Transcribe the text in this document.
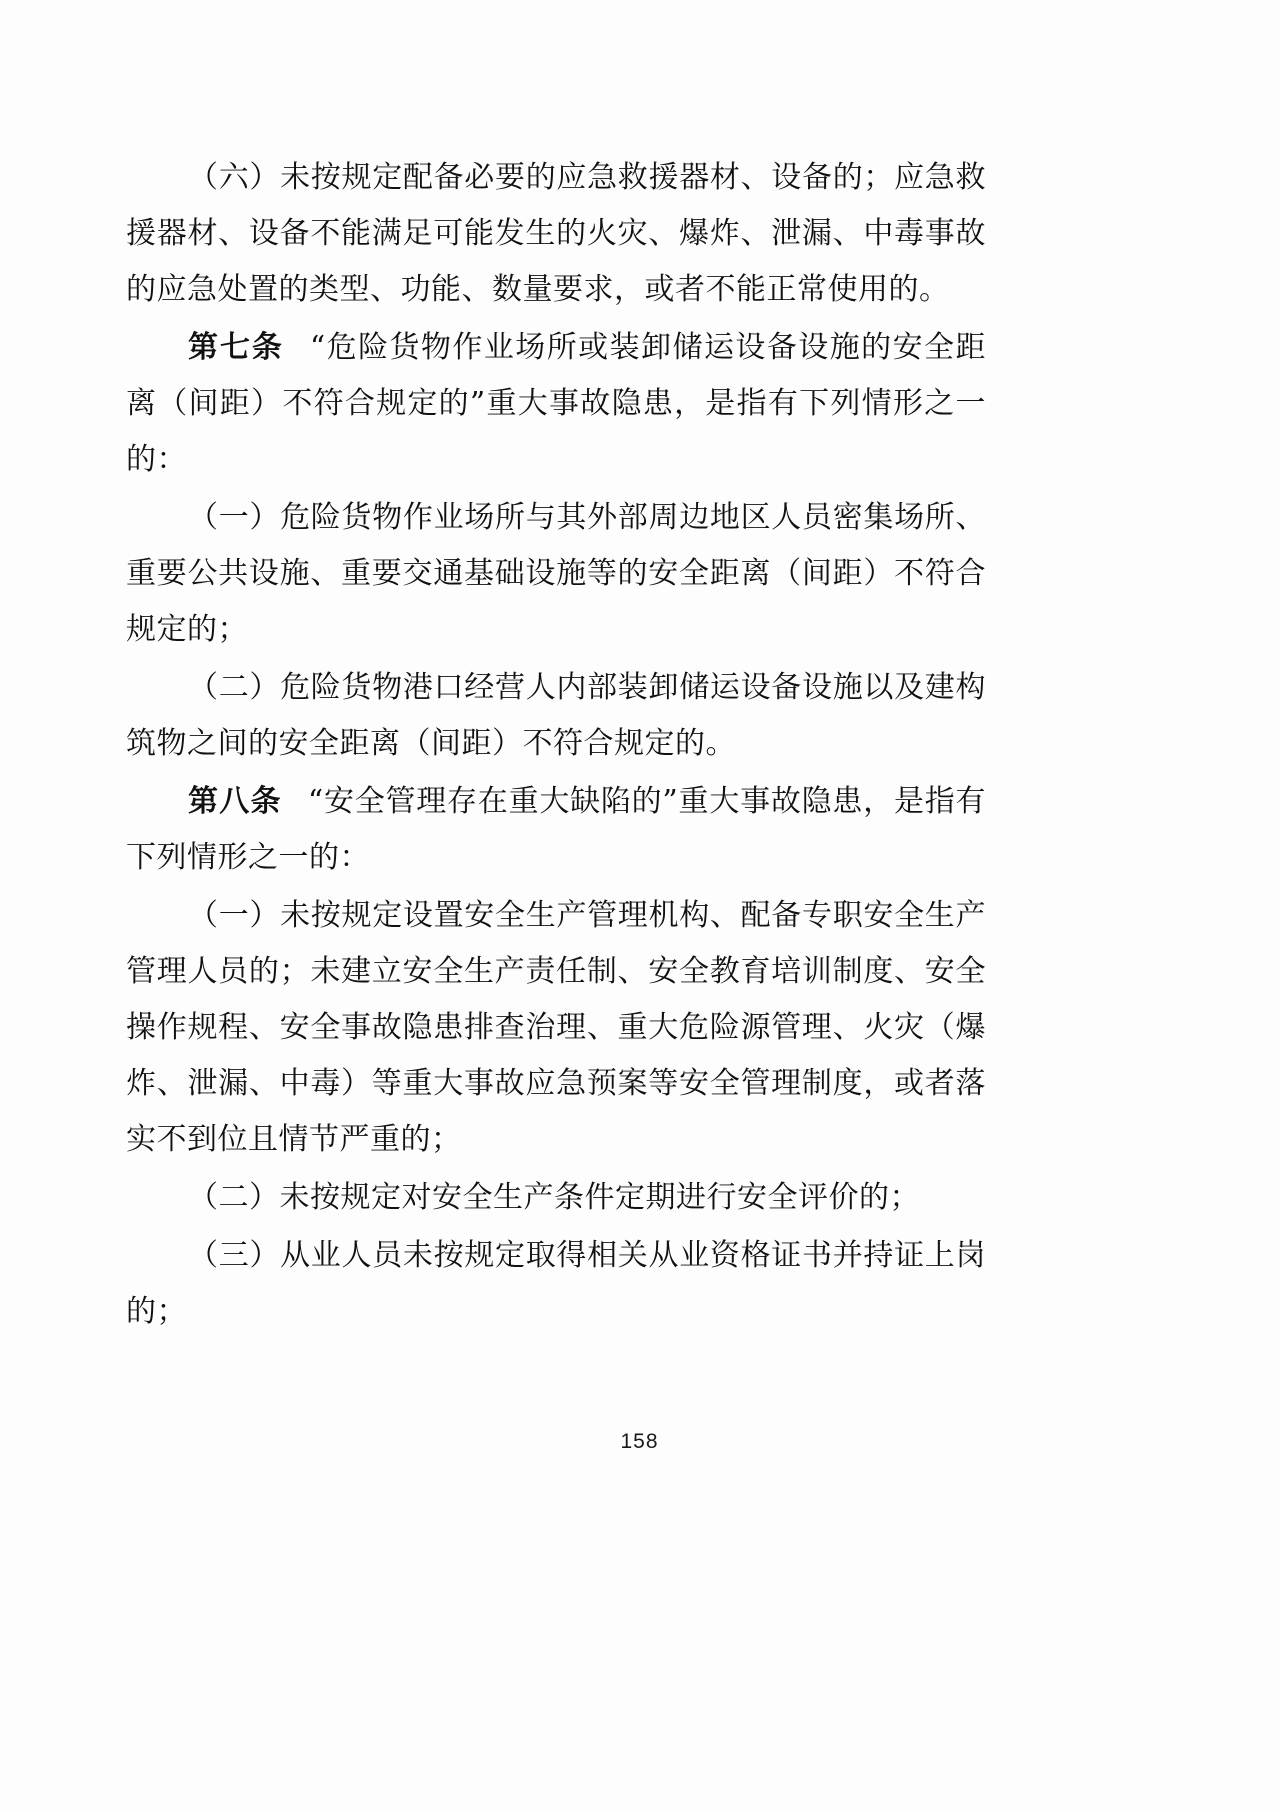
（六）未按规定配备必要的应急救援器材、设备的；应急救援器材、设备不能满足可能发生的火灾、爆炸、泄漏、中毒事故的应急处置的类型、功能、数量要求，或者不能正常使用的。

第七条 “危险货物作业场所或装卸储运设备设施的安全距离（间距）不符合规定的”重大事故隐患，是指有下列情形之一的：

（一）危险货物作业场所与其外部周边地区人员密集场所、重要公共设施、重要交通基础设施等的安全距离（间距）不符合规定的；

（二）危险货物港口经营人内部装卸储运设备设施以及建构筑物之间的安全距离（间距）不符合规定的。

第八条 “安全管理存在重大缺陷的”重大事故隐患，是指有下列情形之一的：

（一）未按规定设置安全生产管理机构、配备专职安全生产管理人员的；未建立安全生产责任制、安全教育培训制度、安全操作规程、安全事故隐患排查治理、重大危险源管理、火灾（爆炸、泄漏、中毒）等重大事故应急预案等安全管理制度，或者落实不到位且情节严重的；

（二）未按规定对安全生产条件定期进行安全评价的；

（三）从业人员未按规定取得相关从业资格证书并持证上岗的；

158
